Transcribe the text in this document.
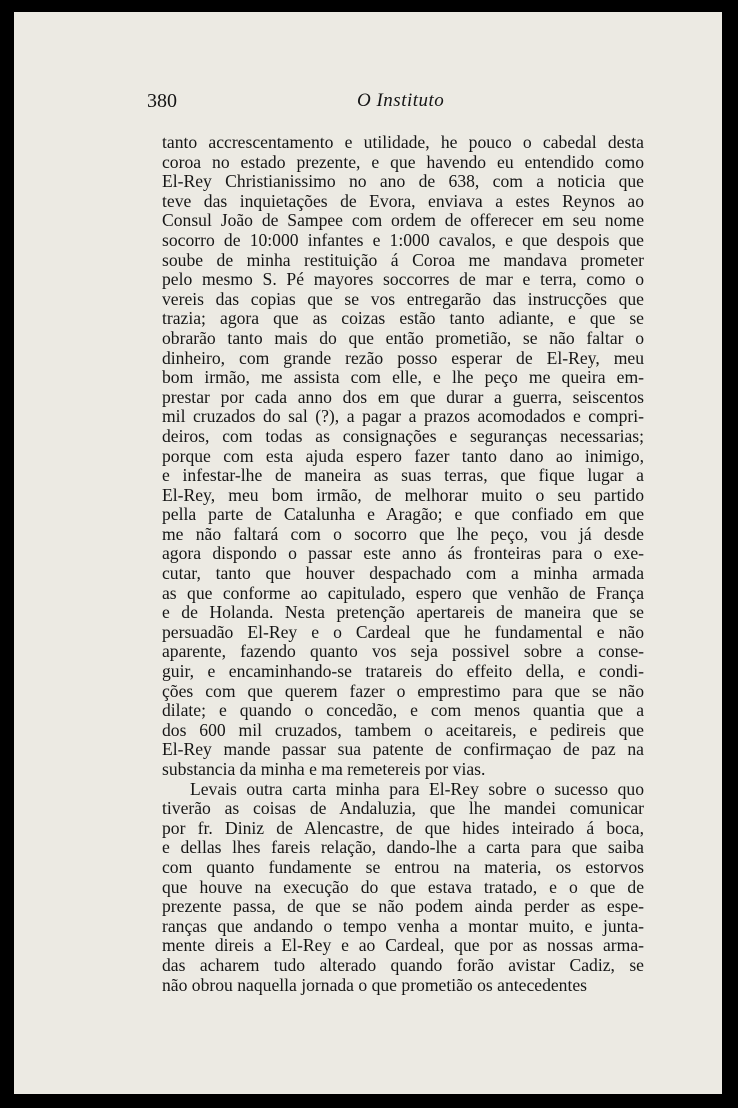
380	O Instituto
tanto accrescentamento e utilidade, he pouco o cabedal desta
coroa no estado prezente, e que havendo eu entendido como
El-Rey Christianissimo no ano de 638, com a noticia que
teve das inquietações de Evora, enviava a estes Reynos ao
Consul João de Sampee com ordem de offerecer em seu nome
socorro de 10:000 infantes e 1:000 cavalos, e que despois que
soube de minha restituição á Coroa me mandava prometer
pelo mesmo S. Pé mayores soccorres de mar e terra, como o
vereis das copias que se vos entregarão das instrucções que
trazia; agora que as coizas estão tanto adiante, e que se
obrarão tanto mais do que então prometião, se não faltar o
dinheiro, com grande rezão posso esperar de El-Rey, meu
bom irmão, me assista com elle, e lhe peço me queira em-
prestar por cada anno dos em que durar a guerra, seiscentos
mil cruzados do sal (?), a pagar a prazos acomodados e compri-
deiros, com todas as consignações e seguranças necessarias;
porque com esta ajuda espero fazer tanto dano ao inimigo,
e infestar-lhe de maneira as suas terras, que fique lugar a
El-Rey, meu bom irmão, de melhorar muito o seu partido
pella parte de Catalunha e Aragão; e que confiado em que
me não faltará com o socorro que lhe peço, vou já desde
agora dispondo o passar este anno ás fronteiras para o exe-
cutar, tanto que houver despachado com a minha armada
as que conforme ao capitulado, espero que venhão de França
e de Holanda. Nesta pretenção apertareis de maneira que se
persuadão El-Rey e o Cardeal que he fundamental e não
aparente, fazendo quanto vos seja possivel sobre a conse-
guir, e encaminhando-se tratareis do effeito della, e condi-
ções com que querem fazer o emprestimo para que se não
dilate; e quando o concedão, e com menos quantia que a
dos 600 mil cruzados, tambem o aceitareis, e pedireis que
El-Rey mande passar sua patente de confirmaçao de paz na
substancia da minha e ma remetereis por vias.
Levais outra carta minha para El-Rey sobre o sucesso quo
tiverão as coisas de Andaluzia, que lhe mandei comunicar
por fr. Diniz de Alencastre, de que hides inteirado á boca,
e dellas lhes fareis relação, dando-lhe a carta para que saiba
com quanto fundamente se entrou na materia, os estorvos
que houve na execução do que estava tratado, e o que de
prezente passa, de que se não podem ainda perder as espe-
ranças que andando o tempo venha a montar muito, e junta-
mente direis a El-Rey e ao Cardeal, que por as nossas arma-
das acharem tudo alterado quando forão avistar Cadiz, se
não obrou naquella jornada o que prometião os antecedentes
